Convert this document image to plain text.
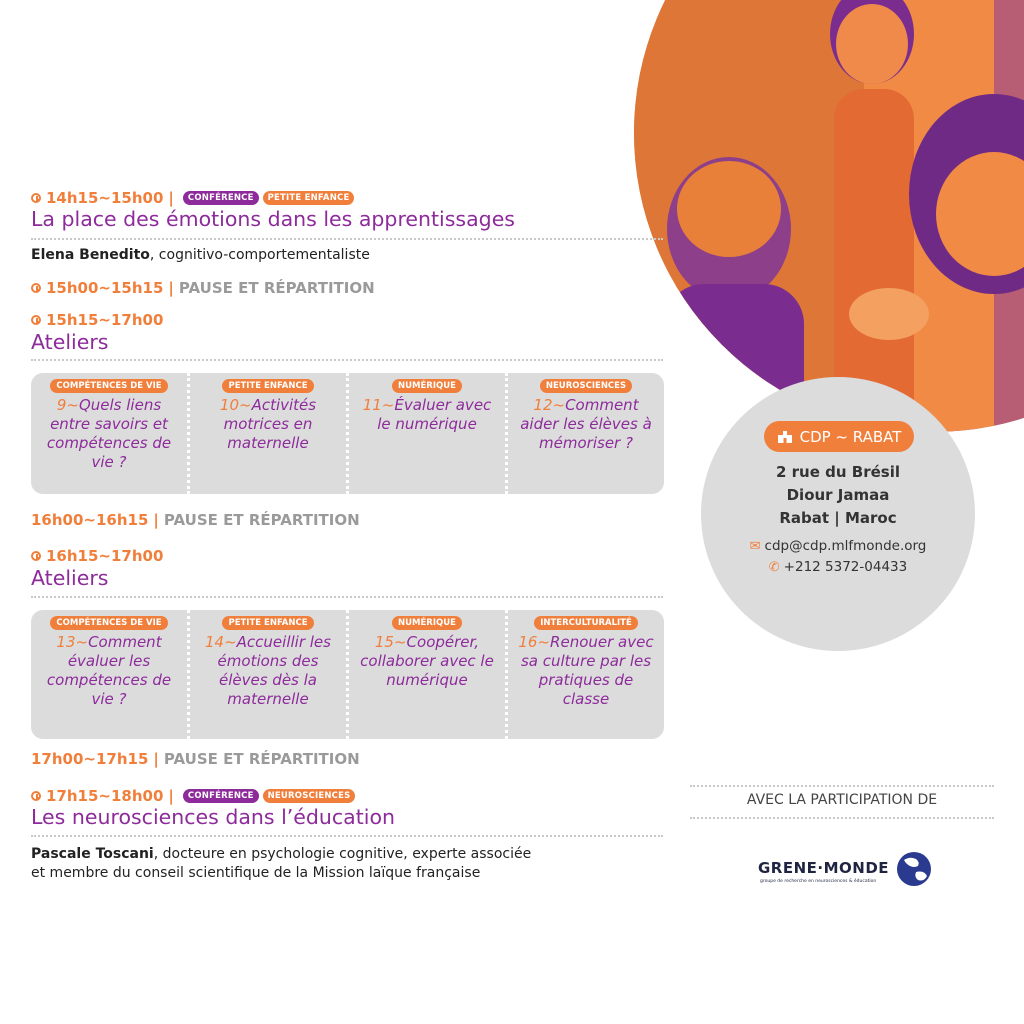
CDP ~ RABAT
2 rue du Brésil
Diour Jamaa
Rabat | Maroc
✉ cdp@cdp.mlfmonde.org
✆ +212 5372-04433
14h15~15h00 |	CONFÉRENCE	PETITE ENFANCE
La place des émotions dans les apprentissages
Elena Benedito, cognitivo-comportementaliste
15h00~15h15 | PAUSE ET RÉPARTITION
15h15~17h00
Ateliers
COMPÉTENCES DE VIE
9~Quels liens entre savoirs et compétences de vie ?
PETITE ENFANCE
10~Activités motrices en maternelle
NUMÉRIQUE
11~Évaluer avec le numérique
NEUROSCIENCES
12~Comment aider les élèves à mémoriser ?
16h00~16h15 | PAUSE ET RÉPARTITION
16h15~17h00
Ateliers
COMPÉTENCES DE VIE
13~Comment évaluer les compétences de vie ?
PETITE ENFANCE
14~Accueillir les émotions des élèves dès la maternelle
NUMÉRIQUE
15~Coopérer, collaborer avec le numérique
INTERCULTURALITÉ
16~Renouer avec sa culture par les pratiques de classe
17h00~17h15 | PAUSE ET RÉPARTITION
17h15~18h00 |	CONFÉRENCE	NEUROSCIENCES
Les neurosciences dans l’éducation
Pascale Toscani, docteure en psychologie cognitive, experte associée
et membre du conseil scientifique de la Mission laïque française
AVEC LA PARTICIPATION DE
GRENE·MONDE
groupe de recherche en neurosciences & éducation
